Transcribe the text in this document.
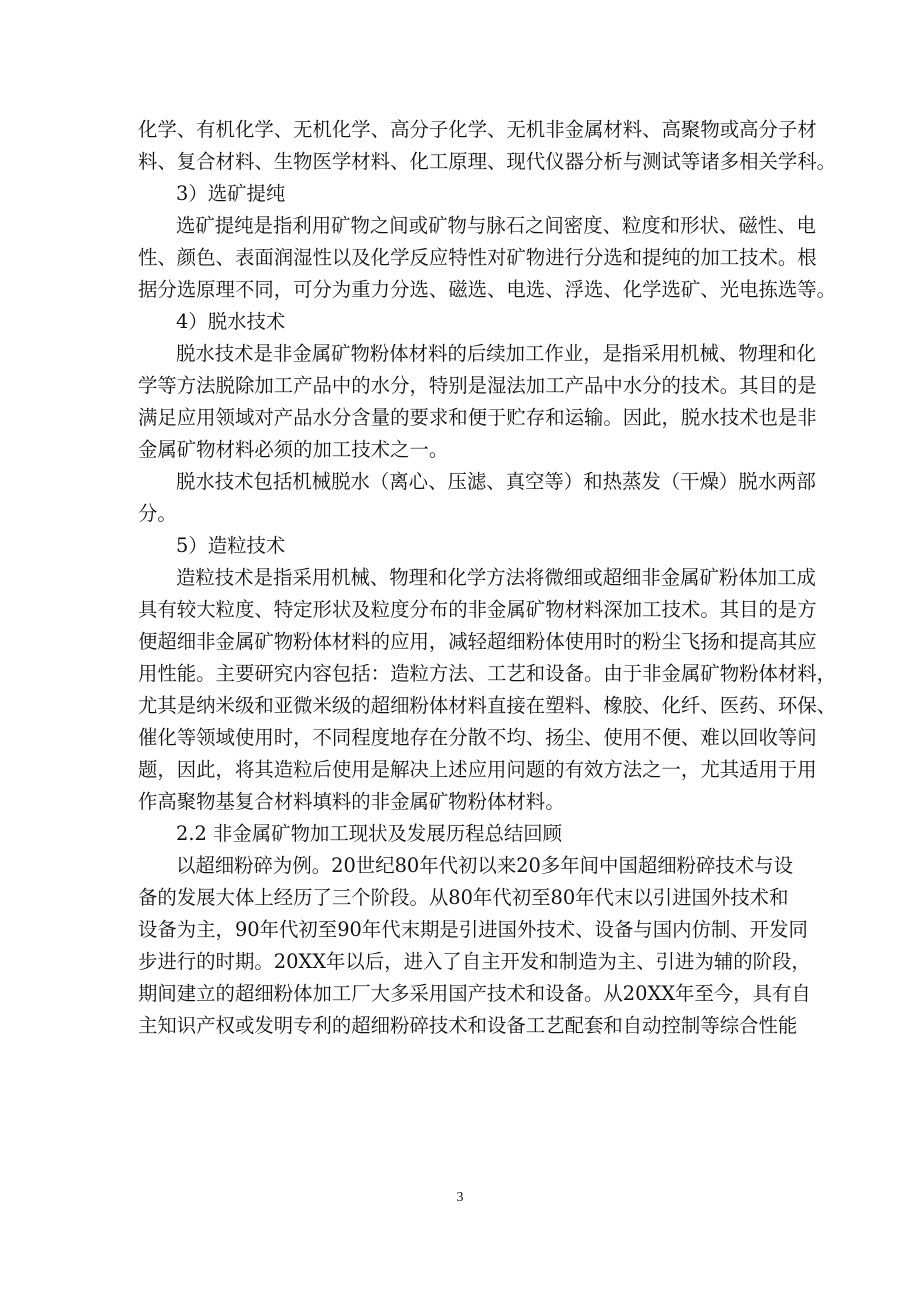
化学、有机化学、无机化学、高分子化学、无机非金属材料、高聚物或高分子材
料、复合材料、生物医学材料、化工原理、现代仪器分析与测试等诸多相关学科。
3）选矿提纯
选矿提纯是指利用矿物之间或矿物与脉石之间密度、粒度和形状、磁性、电
性、颜色、表面润湿性以及化学反应特性对矿物进行分选和提纯的加工技术。根
据分选原理不同，可分为重力分选、磁选、电选、浮选、化学选矿、光电拣选等。
4）脱水技术
脱水技术是非金属矿物粉体材料的后续加工作业，是指采用机械、物理和化
学等方法脱除加工产品中的水分，特别是湿法加工产品中水分的技术。其目的是
满足应用领域对产品水分含量的要求和便于贮存和运输。因此，脱水技术也是非
金属矿物材料必须的加工技术之一。
脱水技术包括机械脱水（离心、压滤、真空等）和热蒸发（干燥）脱水两部
分。
5）造粒技术
造粒技术是指采用机械、物理和化学方法将微细或超细非金属矿粉体加工成
具有较大粒度、特定形状及粒度分布的非金属矿物材料深加工技术。其目的是方
便超细非金属矿物粉体材料的应用，减轻超细粉体使用时的粉尘飞扬和提高其应
用性能。主要研究内容包括：造粒方法、工艺和设备。由于非金属矿物粉体材料，
尤其是纳米级和亚微米级的超细粉体材料直接在塑料、橡胶、化纤、医药、环保、
催化等领域使用时，不同程度地存在分散不均、扬尘、使用不便、难以回收等问
题，因此，将其造粒后使用是解决上述应用问题的有效方法之一，尤其适用于用
作高聚物基复合材料填料的非金属矿物粉体材料。
2.2 非金属矿物加工现状及发展历程总结回顾
以超细粉碎为例。20世纪80年代初以来20多年间中国超细粉碎技术与设
备的发展大体上经历了三个阶段。从80年代初至80年代末以引进国外技术和
设备为主，90年代初至90年代末期是引进国外技术、设备与国内仿制、开发同
步进行的时期。20XX年以后，进入了自主开发和制造为主、引进为辅的阶段，
期间建立的超细粉体加工厂大多采用国产技术和设备。从20XX年至今，具有自
主知识产权或发明专利的超细粉碎技术和设备工艺配套和自动控制等综合性能
3
